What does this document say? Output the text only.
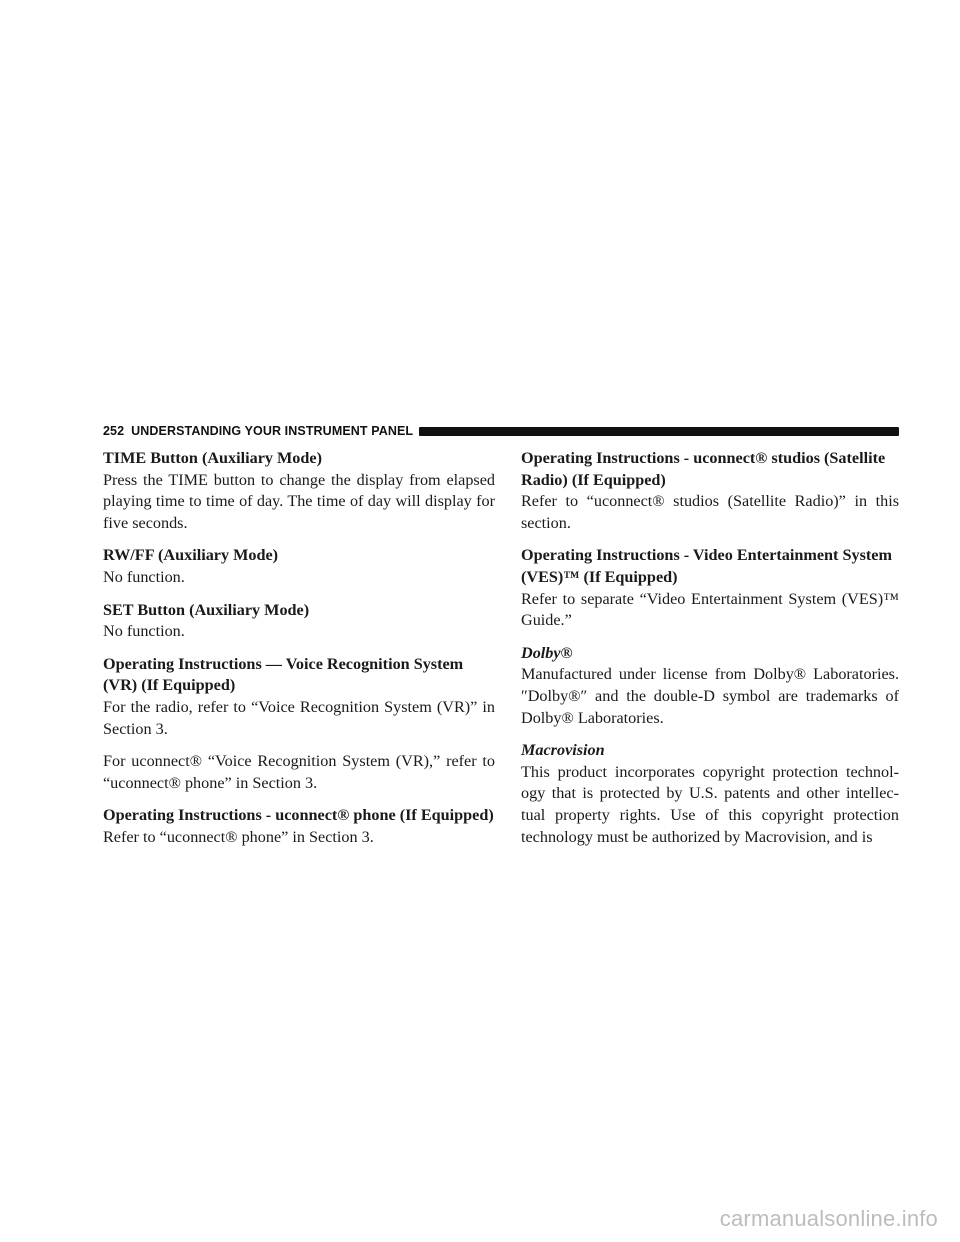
252 UNDERSTANDING YOUR INSTRUMENT PANEL
TIME Button (Auxiliary Mode)

Press the TIME button to change the display from elapsed playing time to time of day. The time of day will display for five seconds.

RW/FF (Auxiliary Mode)

No function.

SET Button (Auxiliary Mode)

No function.

Operating Instructions — Voice Recognition System (VR) (If Equipped)

For the radio, refer to “Voice Recognition System (VR)” in Section 3.

For uconnect® “Voice Recognition System (VR),” refer to “uconnect® phone” in Section 3.

Operating Instructions - uconnect® phone (If Equipped)

Refer to “uconnect® phone” in Section 3.

Operating Instructions - uconnect® studios (Satellite Radio) (If Equipped)

Refer to “uconnect® studios (Satellite Radio)” in this section.

Operating Instructions - Video Entertainment System (VES)™ (If Equipped)

Refer to separate “Video Entertainment System (VES)™ Guide.”

Dolby®

Manufactured under license from Dolby® Laboratories. ″Dolby®″ and the double-D symbol are trademarks of Dolby® Laboratories.

Macrovision

This product incorporates copyright protection technol-ogy that is protected by U.S. patents and other intellec-tual property rights. Use of this copyright protection technology must be authorized by Macrovision, and is

carmanualsonline.info
